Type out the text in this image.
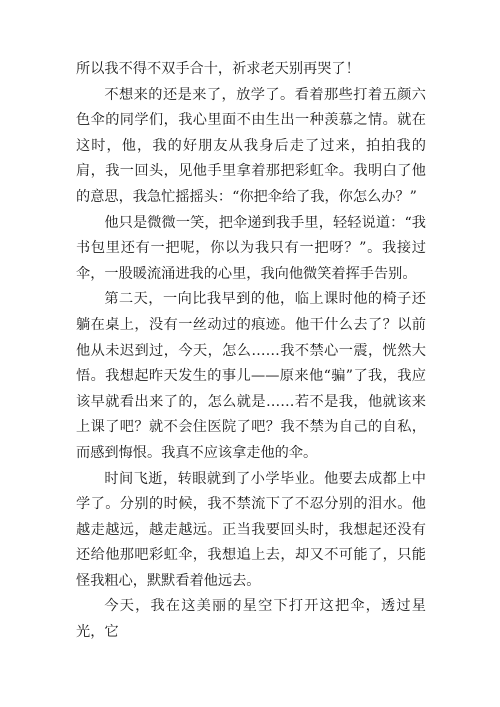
所以我不得不双手合十，祈求老天别再哭了！

不想来的还是来了，放学了。看着那些打着五颜六色伞的同学们，我心里面不由生出一种羡慕之情。就在这时，他，我的好朋友从我身后走了过来，拍拍我的肩，我一回头，见他手里拿着那把彩虹伞。我明白了他的意思，我急忙摇摇头：“你把伞给了我，你怎么办？”

他只是微微一笑，把伞递到我手里，轻轻说道：“我书包里还有一把呢，你以为我只有一把呀？”。我接过伞，一股暖流涌进我的心里，我向他微笑着挥手告别。

第二天，一向比我早到的他，临上课时他的椅子还躺在桌上，没有一丝动过的痕迹。他干什么去了？以前他从未迟到过，今天，怎么……我不禁心一震，恍然大悟。我想起昨天发生的事儿——原来他“骗”了我，我应该早就看出来了的，怎么就是……若不是我，他就该来上课了吧？就不会住医院了吧？我不禁为自己的自私，而感到悔恨。我真不应该拿走他的伞。

时间飞逝，转眼就到了小学毕业。他要去成都上中学了。分别的时候，我不禁流下了不忍分别的泪水。他越走越远，越走越远。正当我要回头时，我想起还没有还给他那吧彩虹伞，我想追上去，却又不可能了，只能怪我粗心，默默看着他远去。

今天，我在这美丽的星空下打开这把伞，透过星光，它
